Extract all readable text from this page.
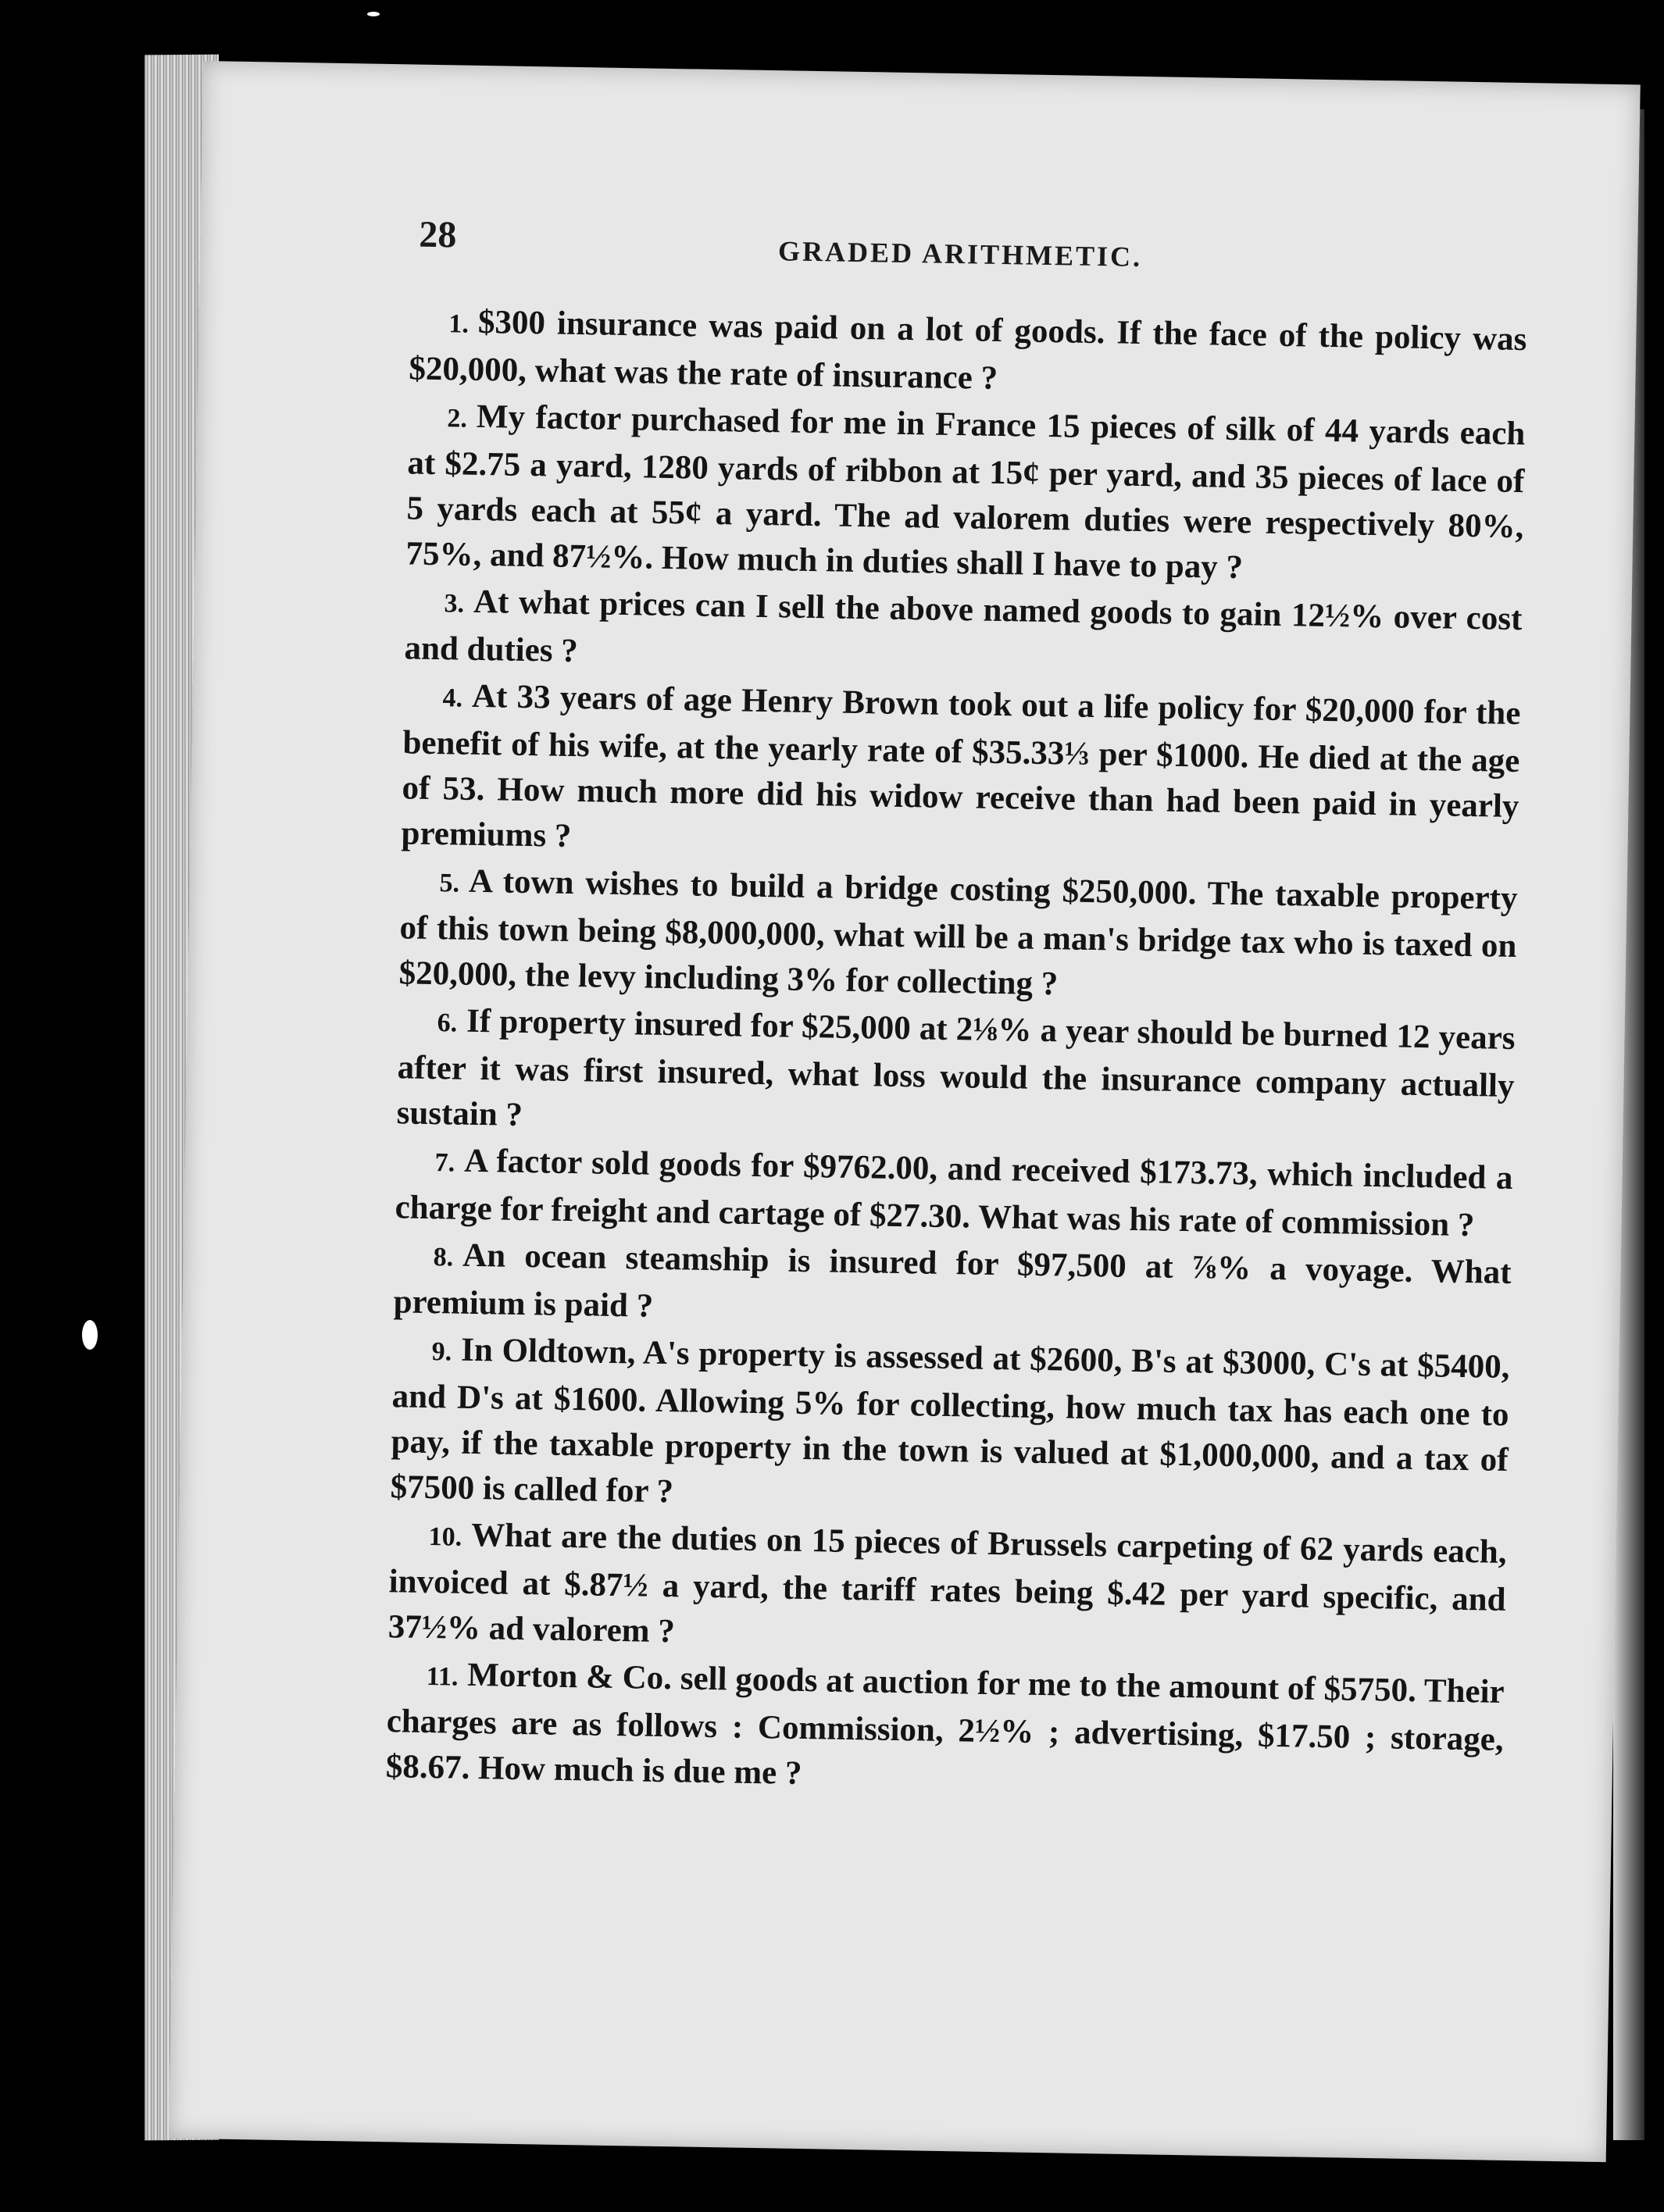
28	GRADED ARITHMETIC.

1. $300 insurance was paid on a lot of goods. If the face of the policy was $20,000, what was the rate of insurance ?

2. My factor purchased for me in France 15 pieces of silk of 44 yards each at $2.75 a yard, 1280 yards of ribbon at 15¢ per yard, and 35 pieces of lace of 5 yards each at 55¢ a yard. The ad valorem duties were respectively 80%, 75%, and 87½%. How much in duties shall I have to pay ?

3. At what prices can I sell the above named goods to gain 12½% over cost and duties ?

4. At 33 years of age Henry Brown took out a life policy for $20,000 for the benefit of his wife, at the yearly rate of $35.33⅓ per $1000. He died at the age of 53. How much more did his widow receive than had been paid in yearly premiums ?

5. A town wishes to build a bridge costing $250,000. The taxable property of this town being $8,000,000, what will be a man's bridge tax who is taxed on $20,000, the levy including 3% for collecting ?

6. If property insured for $25,000 at 2⅛% a year should be burned 12 years after it was first insured, what loss would the insurance company actually sustain ?

7. A factor sold goods for $9762.00, and received $173.73, which included a charge for freight and cartage of $27.30. What was his rate of commission ?

8. An ocean steamship is insured for $97,500 at ⅞% a voyage. What premium is paid ?

9. In Oldtown, A's property is assessed at $2600, B's at $3000, C's at $5400, and D's at $1600. Allowing 5% for collecting, how much tax has each one to pay, if the taxable property in the town is valued at $1,000,000, and a tax of $7500 is called for ?

10. What are the duties on 15 pieces of Brussels carpeting of 62 yards each, invoiced at $.87½ a yard, the tariff rates being $.42 per yard specific, and 37½% ad valorem ?

11. Morton & Co. sell goods at auction for me to the amount of $5750. Their charges are as follows : Commission, 2½% ; advertising, $17.50 ; storage, $8.67. How much is due me ?
